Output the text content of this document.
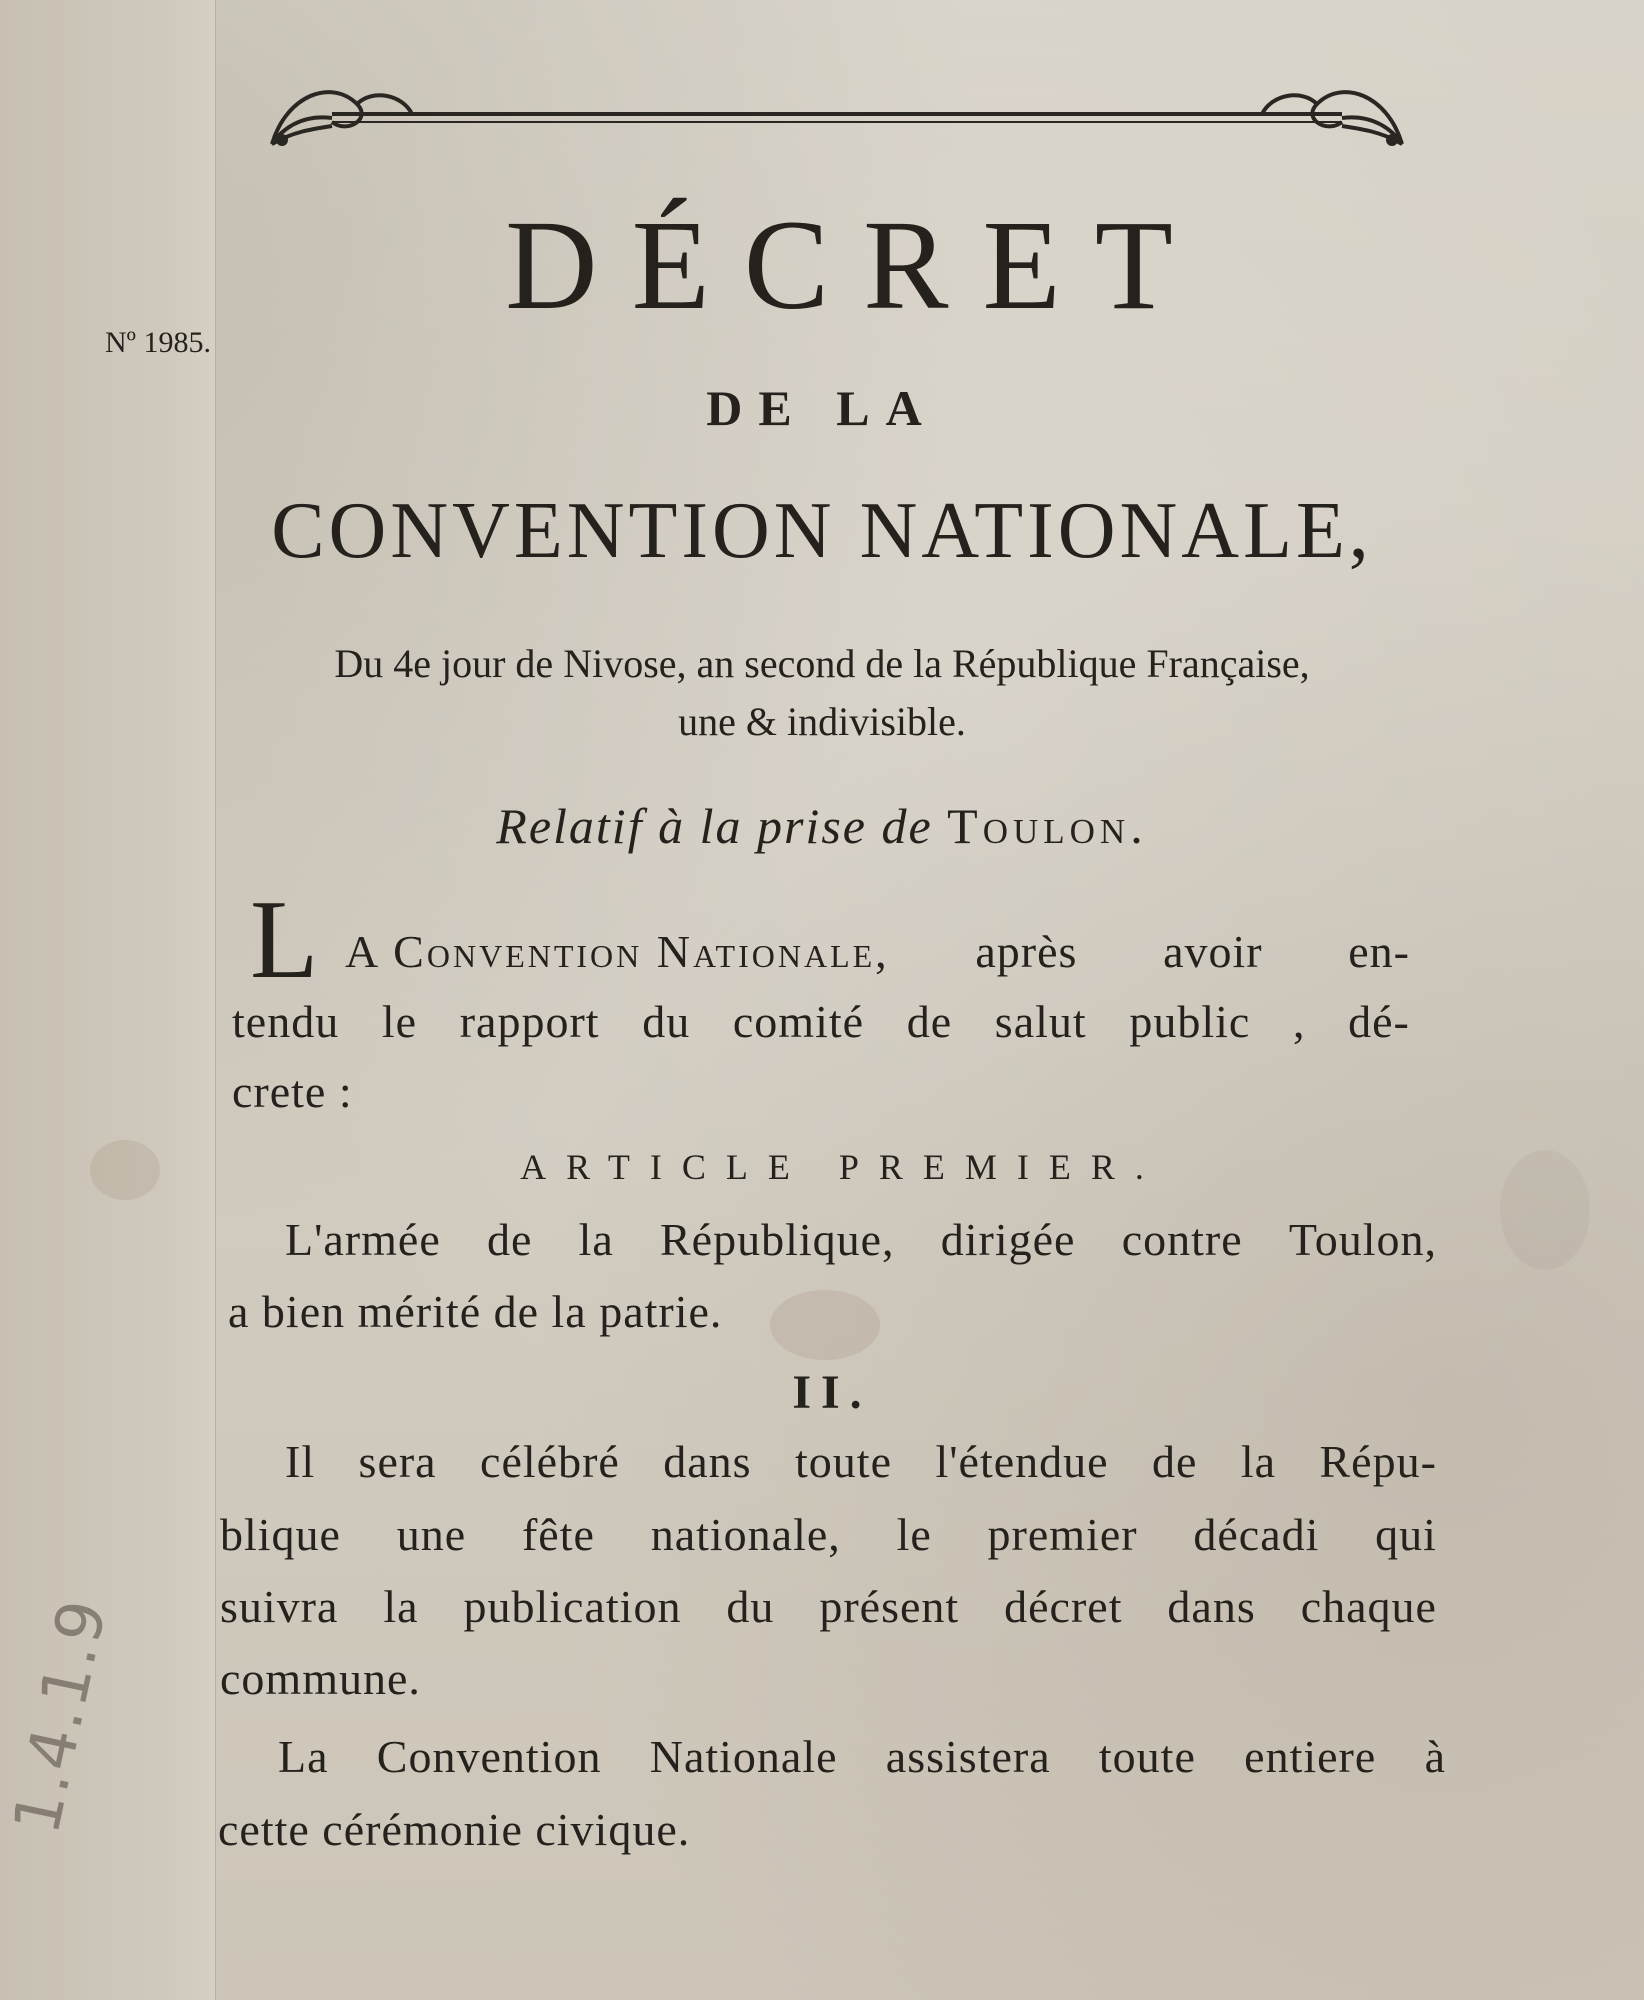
Nº 1985.

DÉCRET

DE LA

CONVENTION NATIONALE,

Du 4e jour de Nivose, an second de la République Française,

une & indivisible.

Relatif à la prise de Toulon.

L A Convention Nationale, après avoir en-

tendu le rapport du comité de salut public , dé-

crete :

ARTICLE PREMIER.

L'armée de la République, dirigée contre Toulon,

a bien mérité de la patrie.

II.

Il sera célébré dans toute l'étendue de la Répu-

blique une fête nationale, le premier décadi qui

suivra la publication du présent décret dans chaque

commune.

La Convention Nationale assistera toute entiere à

cette cérémonie civique.

1.4.1.9
